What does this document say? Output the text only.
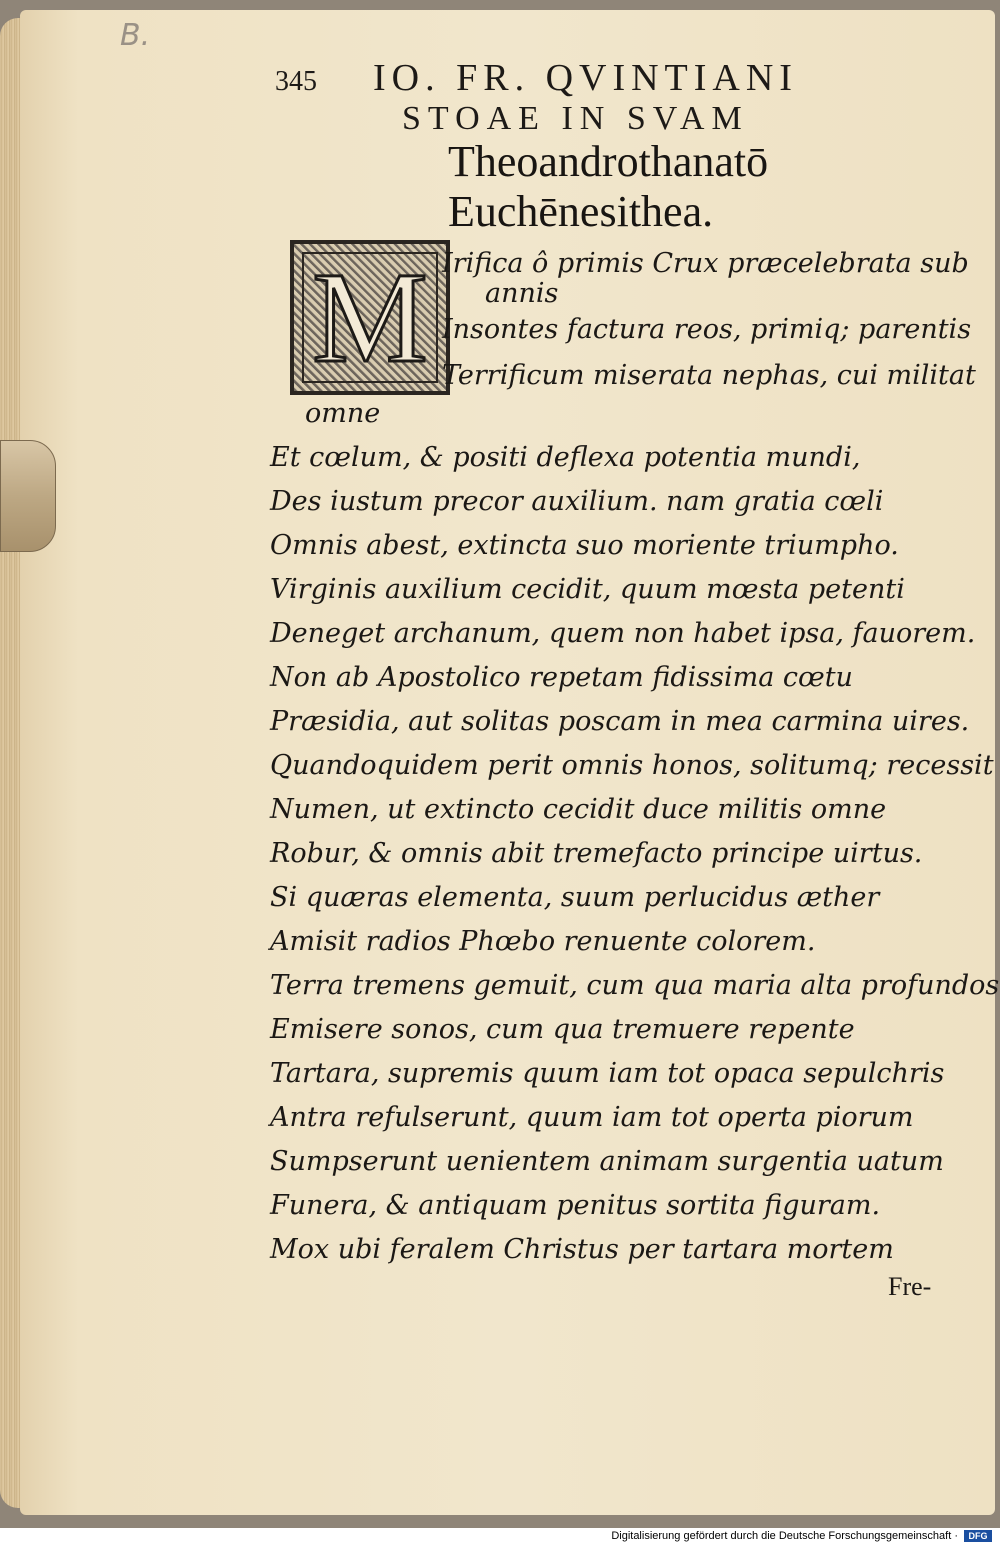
B.
345 IO. FR. QVINTIANI
STOAE IN SVAM
Theoandrothanatō
Euchēnesithea.
M Irifica ô primis Crux præcelebrata sub
annis
Insontes factura reos, primiq; parentis
Terrificum miserata nephas, cui militat
omne
Et cœlum, & positi deflexa potentia mundi,
Des iustum precor auxilium. nam gratia cœli
Omnis abest, extincta suo moriente triumpho.
Virginis auxilium cecidit, quum mœsta petenti
Deneget archanum, quem non habet ipsa, fauorem.
Non ab Apostolico repetam fidissima cœtu
Præsidia, aut solitas poscam in mea carmina uires.
Quandoquidem perit omnis honos, solitumq; recessit
Numen, ut extincto cecidit duce militis omne
Robur, & omnis abit tremefacto principe uirtus.
Si quæras elementa, suum perlucidus æther
Amisit radios Phœbo renuente colorem.
Terra tremens gemuit, cum qua maria alta profundos
Emisere sonos, cum qua tremuere repente
Tartara, supremis quum iam tot opaca sepulchris
Antra refulserunt, quum iam tot operta piorum
Sumpserunt uenientem animam surgentia uatum
Funera, & antiquam penitus sortita figuram.
Mox ubi feralem Christus per tartara mortem
Fre-
Digitalisierung gefördert durch die Deutsche Forschungsgemeinschaft ·	DFG
